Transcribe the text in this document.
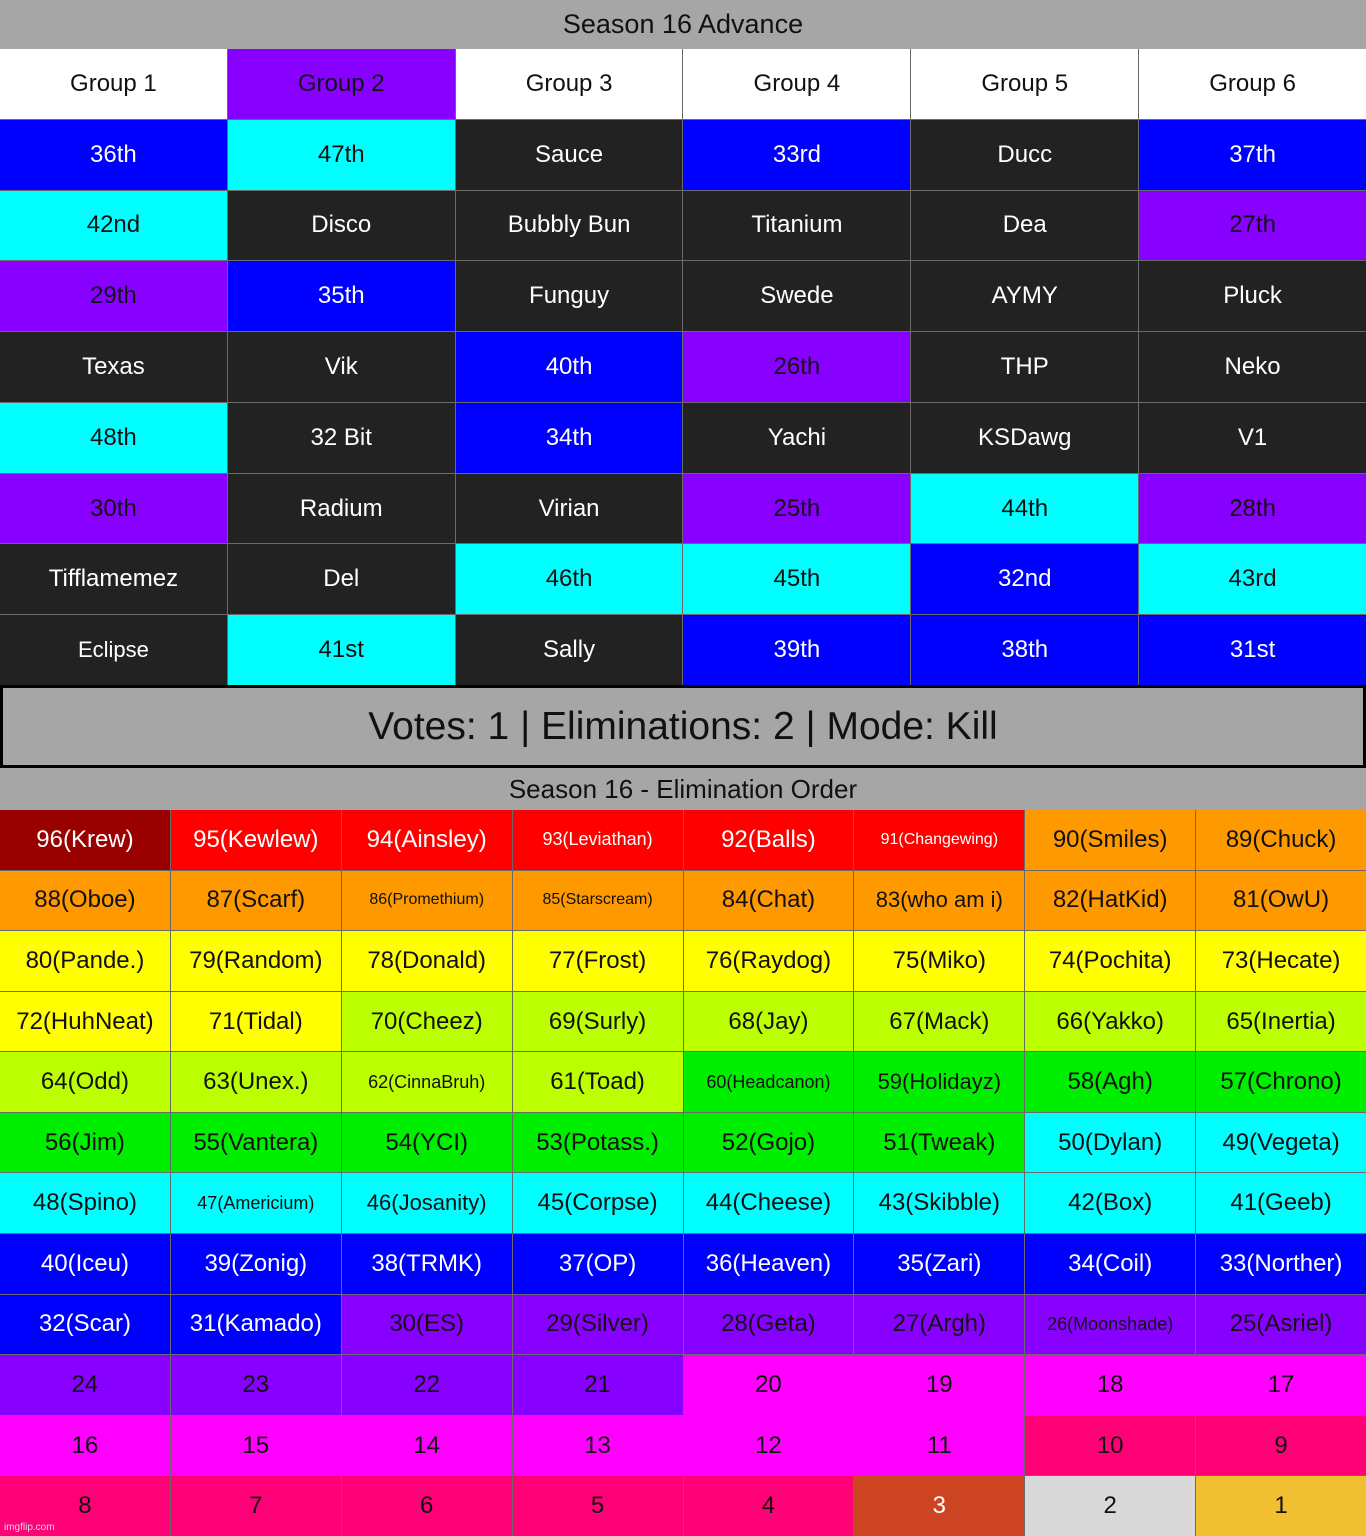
Season 16 Advance
Group 1	Group 2	Group 3	Group 4	Group 5	Group 6
36th	47th	Sauce	33rd	Ducc	37th
42nd	Disco	Bubbly Bun	Titanium	Dea	27th
29th	35th	Funguy	Swede	AYMY	Pluck
Texas	Vik	40th	26th	THP	Neko
48th	32 Bit	34th	Yachi	KSDawg	V1
30th	Radium	Virian	25th	44th	28th
Tifflamemez	Del	46th	45th	32nd	43rd
Eclipse	41st	Sally	39th	38th	31st
Votes: 1 | Eliminations: 2 | Mode: Kill
Season 16 - Elimination Order
96(Krew)	95(Kewlew)	94(Ainsley)	93(Leviathan)	92(Balls)	91(Changewing)	90(Smiles)	89(Chuck)
88(Oboe)	87(Scarf)	86(Promethium)	85(Starscream)	84(Chat)	83(who am i)	82(HatKid)	81(OwU)
80(Pande.)	79(Random)	78(Donald)	77(Frost)	76(Raydog)	75(Miko)	74(Pochita)	73(Hecate)
72(HuhNeat)	71(Tidal)	70(Cheez)	69(Surly)	68(Jay)	67(Mack)	66(Yakko)	65(Inertia)
64(Odd)	63(Unex.)	62(CinnaBruh)	61(Toad)	60(Headcanon)	59(Holidayz)	58(Agh)	57(Chrono)
56(Jim)	55(Vantera)	54(YCI)	53(Potass.)	52(Gojo)	51(Tweak)	50(Dylan)	49(Vegeta)
48(Spino)	47(Americium)	46(Josanity)	45(Corpse)	44(Cheese)	43(Skibble)	42(Box)	41(Geeb)
40(Iceu)	39(Zonig)	38(TRMK)	37(OP)	36(Heaven)	35(Zari)	34(Coil)	33(Norther)
32(Scar)	31(Kamado)	30(ES)	29(Silver)	28(Geta)	27(Argh)	26(Moonshade)	25(Asriel)
24	23	22	21	20	19	18	17
16	15	14	13	12	11	10	9
8	7	6	5	4	3	2	1
imgflip.com
